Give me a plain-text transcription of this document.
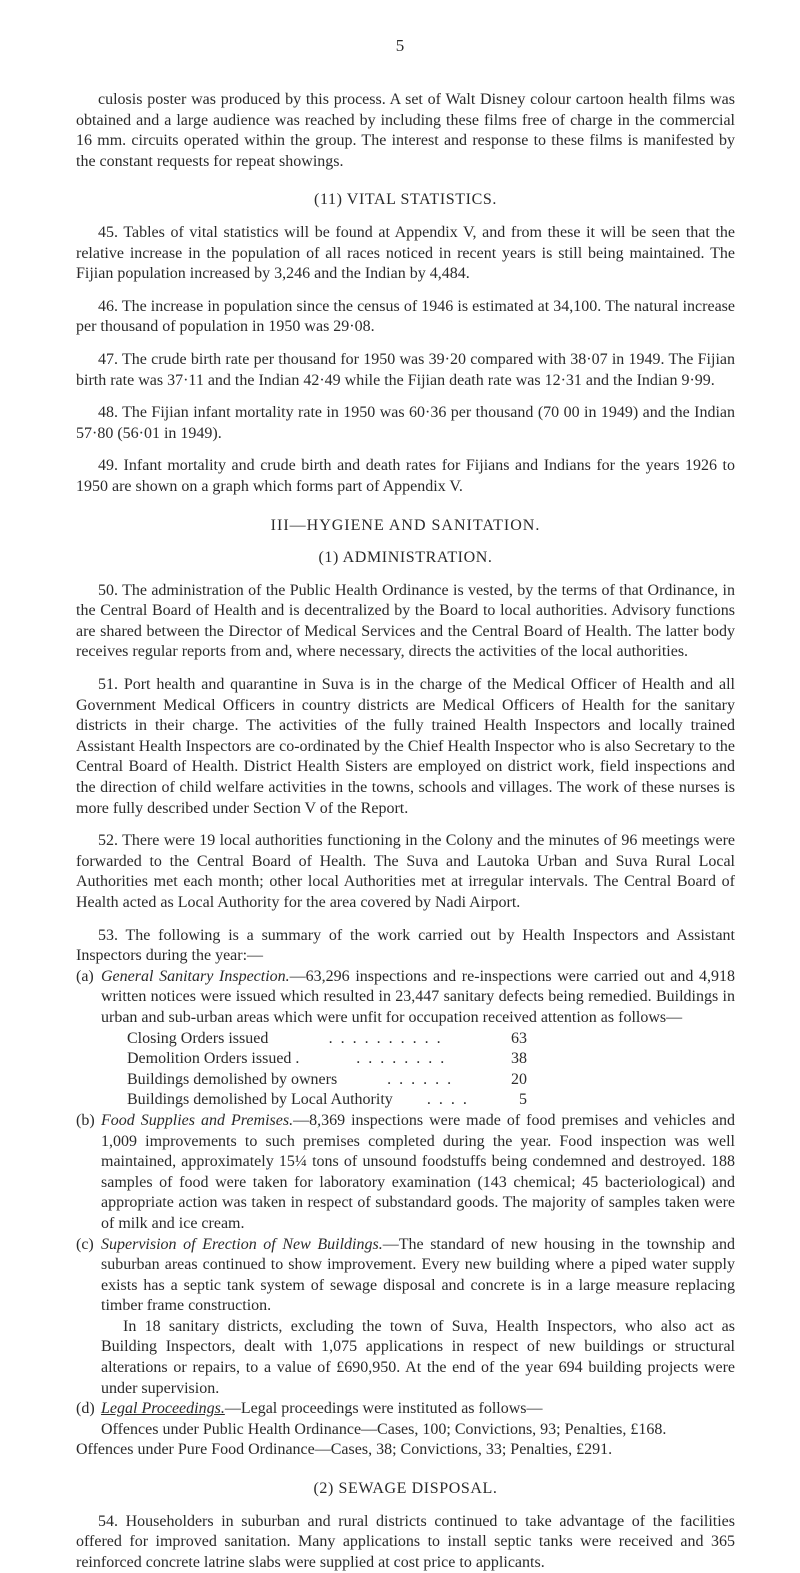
5

culosis poster was produced by this process. A set of Walt Disney colour cartoon health films was obtained and a large audience was reached by including these films free of charge in the commercial 16 mm. circuits operated within the group. The interest and response to these films is manifested by the constant requests for repeat showings.

(11) VITAL STATISTICS.

45. Tables of vital statistics will be found at Appendix V, and from these it will be seen that the relative increase in the population of all races noticed in recent years is still being maintained. The Fijian population increased by 3,246 and the Indian by 4,484.

46. The increase in population since the census of 1946 is estimated at 34,100. The natural increase per thousand of population in 1950 was 29·08.

47. The crude birth rate per thousand for 1950 was 39·20 compared with 38·07 in 1949. The Fijian birth rate was 37·11 and the Indian 42·49 while the Fijian death rate was 12·31 and the Indian 9·99.

48. The Fijian infant mortality rate in 1950 was 60·36 per thousand (70 00 in 1949) and the Indian 57·80 (56·01 in 1949).

49. Infant mortality and crude birth and death rates for Fijians and Indians for the years 1926 to 1950 are shown on a graph which forms part of Appendix V.

III—HYGIENE AND SANITATION.

(1) ADMINISTRATION.

50. The administration of the Public Health Ordinance is vested, by the terms of that Ordinance, in the Central Board of Health and is decentralized by the Board to local authorities. Advisory functions are shared between the Director of Medical Services and the Central Board of Health. The latter body receives regular reports from and, where necessary, directs the activities of the local authorities.

51. Port health and quarantine in Suva is in the charge of the Medical Officer of Health and all Government Medical Officers in country districts are Medical Officers of Health for the sanitary districts in their charge. The activities of the fully trained Health Inspectors and locally trained Assistant Health Inspectors are co-ordinated by the Chief Health Inspector who is also Secretary to the Central Board of Health. District Health Sisters are employed on district work, field inspections and the direction of child welfare activities in the towns, schools and villages. The work of these nurses is more fully described under Section V of the Report.

52. There were 19 local authorities functioning in the Colony and the minutes of 96 meetings were forwarded to the Central Board of Health. The Suva and Lautoka Urban and Suva Rural Local Authorities met each month; other local Authorities met at irregular intervals. The Central Board of Health acted as Local Authority for the area covered by Nadi Airport.

53. The following is a summary of the work carried out by Health Inspectors and Assistant Inspectors during the year:—

(a) General Sanitary Inspection.—63,296 inspections and re-inspections were carried out and 4,918 written notices were issued which resulted in 23,447 sanitary defects being remedied. Buildings in urban and sub-urban areas which were unfit for occupation received attention as follows—

Closing Orders issued	. . . . . . . . . .	63
Demolition Orders issued .	. . . . . . . .	38
Buildings demolished by owners	. . . . . .	20
Buildings demolished by Local Authority . . . .	5
(b) Food Supplies and Premises.—8,369 inspections were made of food premises and vehicles and 1,009 improvements to such premises completed during the year. Food inspection was well maintained, approximately 15¼ tons of unsound foodstuffs being condemned and destroyed. 188 samples of food were taken for laboratory examination (143 chemical; 45 bacteriological) and appropriate action was taken in respect of substandard goods. The majority of samples taken were of milk and ice cream.

(c) Supervision of Erection of New Buildings.—The standard of new housing in the township and suburban areas continued to show improvement. Every new building where a piped water supply exists has a septic tank system of sewage disposal and concrete is in a large measure replacing timber frame construction.

In 18 sanitary districts, excluding the town of Suva, Health Inspectors, who also act as Building Inspectors, dealt with 1,075 applications in respect of new buildings or structural alterations or repairs, to a value of £690,950. At the end of the year 694 building projects were under supervision.

(d) Legal Proceedings.—Legal proceedings were instituted as follows—

Offences under Public Health Ordinance—Cases, 100; Convictions, 93; Penalties, £168.

Offences under Pure Food Ordinance—Cases, 38; Convictions, 33; Penalties, £291.

(2) SEWAGE DISPOSAL.

54. Householders in suburban and rural districts continued to take advantage of the facilities offered for improved sanitation. Many applications to install septic tanks were received and 365 reinforced concrete latrine slabs were supplied at cost price to applicants.
